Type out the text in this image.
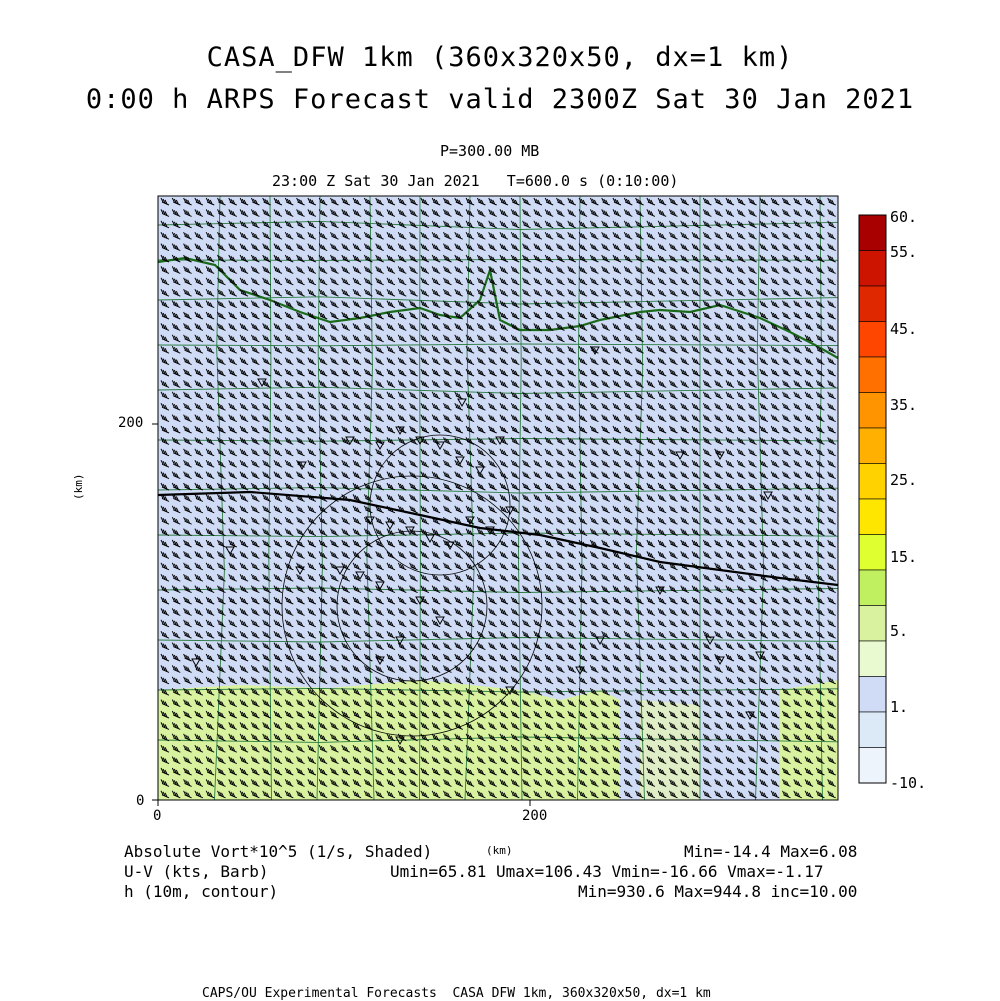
CASA_DFW 1km (360x320x50, dx=1 km)
0:00 h ARPS Forecast valid 2300Z Sat 30 Jan 2021
P=300.00 MB
23:00 Z Sat 30 Jan 2021   T=600.0 s (0:10:00)
0	200
0
200
(km)
(km)
60.
55.
45.
35.
25.
15.
5.
1.
-10.
Absolute Vort*10^5 (1/s, Shaded)	Min=-14.4 Max=6.08
U-V (kts, Barb)	Umin=65.81 Umax=106.43 Vmin=-16.66 Vmax=-1.17
h (10m, contour)	Min=930.6 Max=944.8 inc=10.00
CAPS/OU Experimental Forecasts  CASA DFW 1km, 360x320x50, dx=1 km
